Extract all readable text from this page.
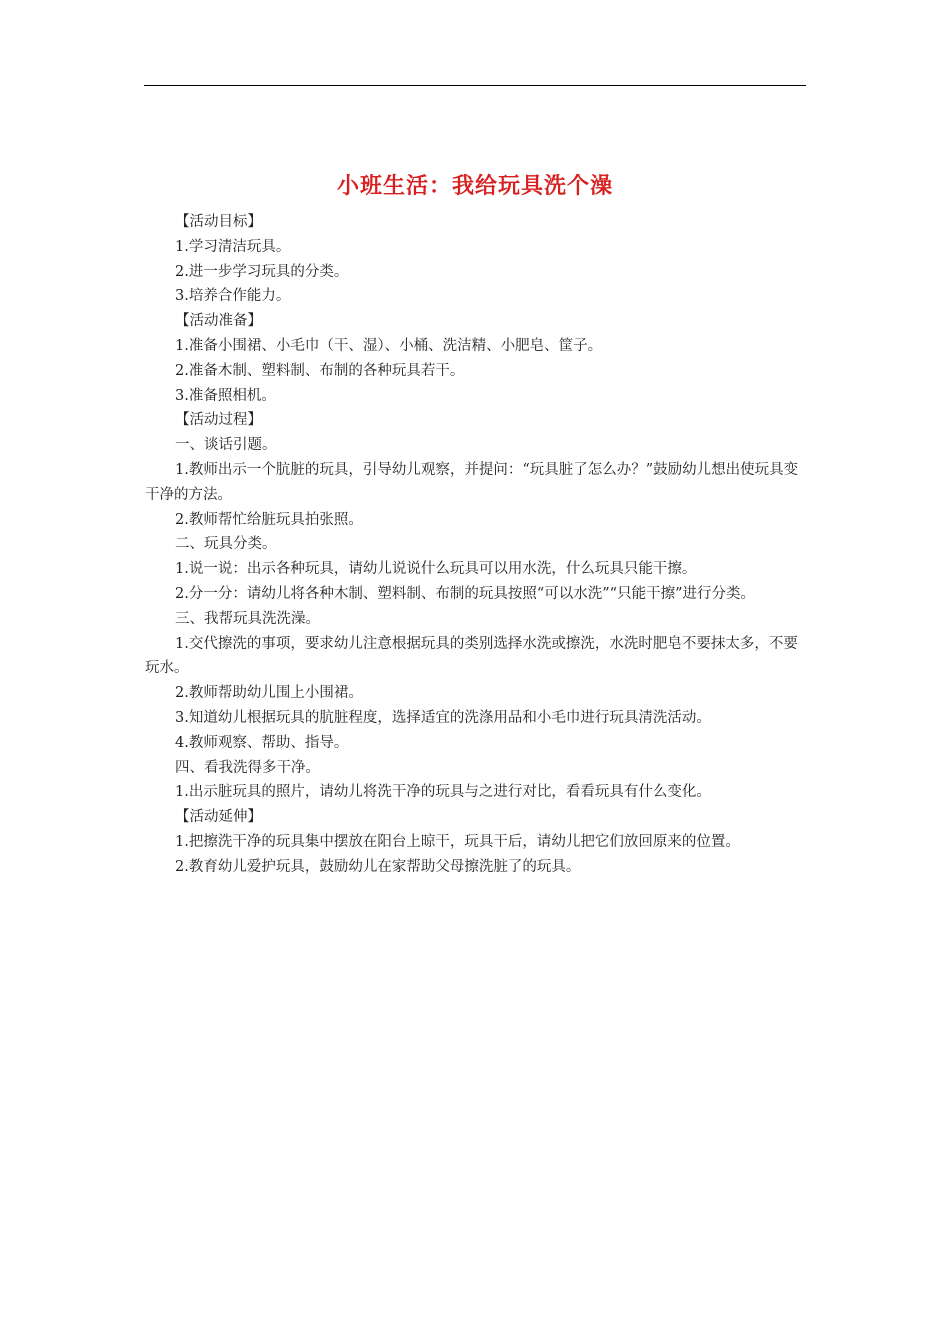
小班生活：我给玩具洗个澡

【活动目标】

1.学习清洁玩具。

2.进一步学习玩具的分类。

3.培养合作能力。

【活动准备】

1.准备小围裙、小毛巾（干、湿）、小桶、洗洁精、小肥皂、筐子。

2.准备木制、塑料制、布制的各种玩具若干。

3.准备照相机。

【活动过程】

一、谈话引题。

1.教师出示一个肮脏的玩具，引导幼儿观察，并提问：“玩具脏了怎么办？”鼓励幼儿想出使玩具变干净的方法。

2.教师帮忙给脏玩具拍张照。

二、玩具分类。

1.说一说：出示各种玩具，请幼儿说说什么玩具可以用水洗，什么玩具只能干擦。

2.分一分：请幼儿将各种木制、塑料制、布制的玩具按照“可以水洗”“只能干擦”进行分类。

三、我帮玩具洗洗澡。

1.交代擦洗的事项，要求幼儿注意根据玩具的类别选择水洗或擦洗，水洗时肥皂不要抹太多，不要玩水。

2.教师帮助幼儿围上小围裙。

3.知道幼儿根据玩具的肮脏程度，选择适宜的洗涤用品和小毛巾进行玩具清洗活动。

4.教师观察、帮助、指导。

四、看我洗得多干净。

1.出示脏玩具的照片，请幼儿将洗干净的玩具与之进行对比，看看玩具有什么变化。

【活动延伸】

1.把擦洗干净的玩具集中摆放在阳台上晾干，玩具干后，请幼儿把它们放回原来的位置。

2.教育幼儿爱护玩具，鼓励幼儿在家帮助父母擦洗脏了的玩具。
